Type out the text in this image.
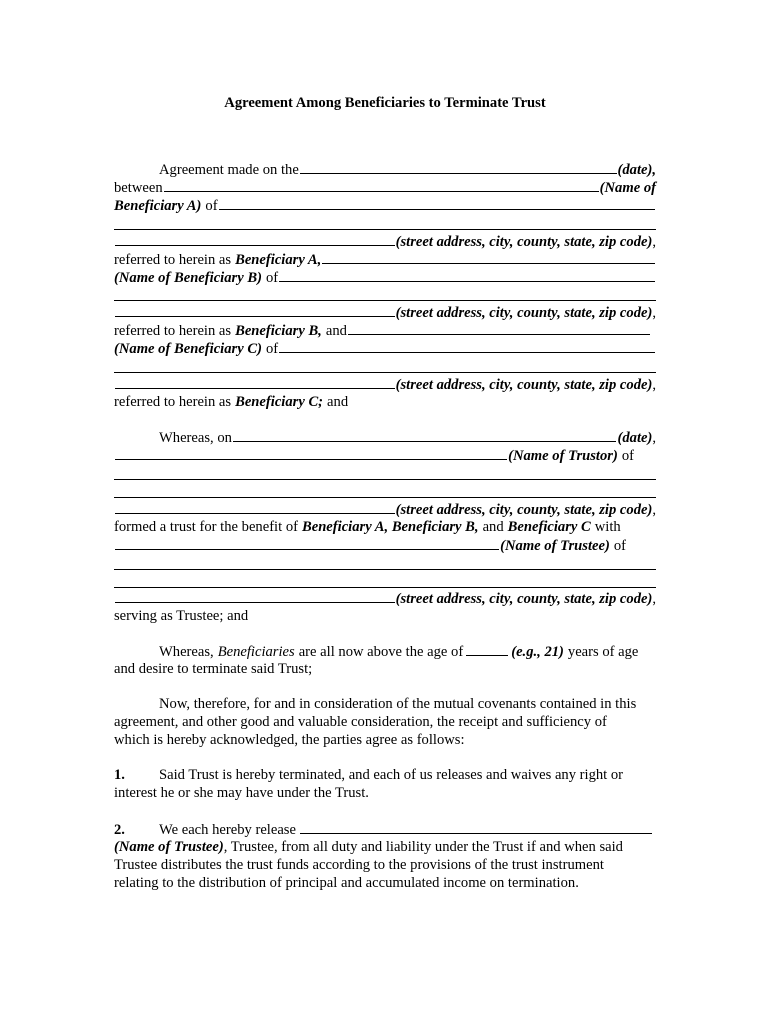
Agreement Among Beneficiaries to Terminate Trust
Agreement made on the	(date),
between	(Name of
Beneficiary A) of
(street address, city, county, state, zip code) ,
referred to herein as Beneficiary A,
(Name of Beneficiary B) of
(street address, city, county, state, zip code) ,
referred to herein as Beneficiary B, and
(Name of Beneficiary C) of
(street address, city, county, state, zip code) ,
referred to herein as Beneficiary C; and
Whereas, on	(date) ,
(Name of Trustor) of
(street address, city, county, state, zip code) ,
formed a trust for the benefit of Beneficiary A, Beneficiary B, and Beneficiary C with
(Name of Trustee) of
(street address, city, county, state, zip code) ,
serving as Trustee; and
Whereas, Beneficiaries are all now above the age of	(e.g., 21) years of age
and desire to terminate said Trust;
Now, therefore, for and in consideration of the mutual covenants contained in this
agreement, and other good and valuable consideration, the receipt and sufficiency of
which is hereby acknowledged, the parties agree as follows:
1.	Said Trust is hereby terminated, and each of us releases and waives any right or
interest he or she may have under the Trust.
2.	We each hereby release
(Name of Trustee) , Trustee, from all duty and liability under the Trust if and when said
Trustee distributes the trust funds according to the provisions of the trust instrument
relating to the distribution of principal and accumulated income on termination.
